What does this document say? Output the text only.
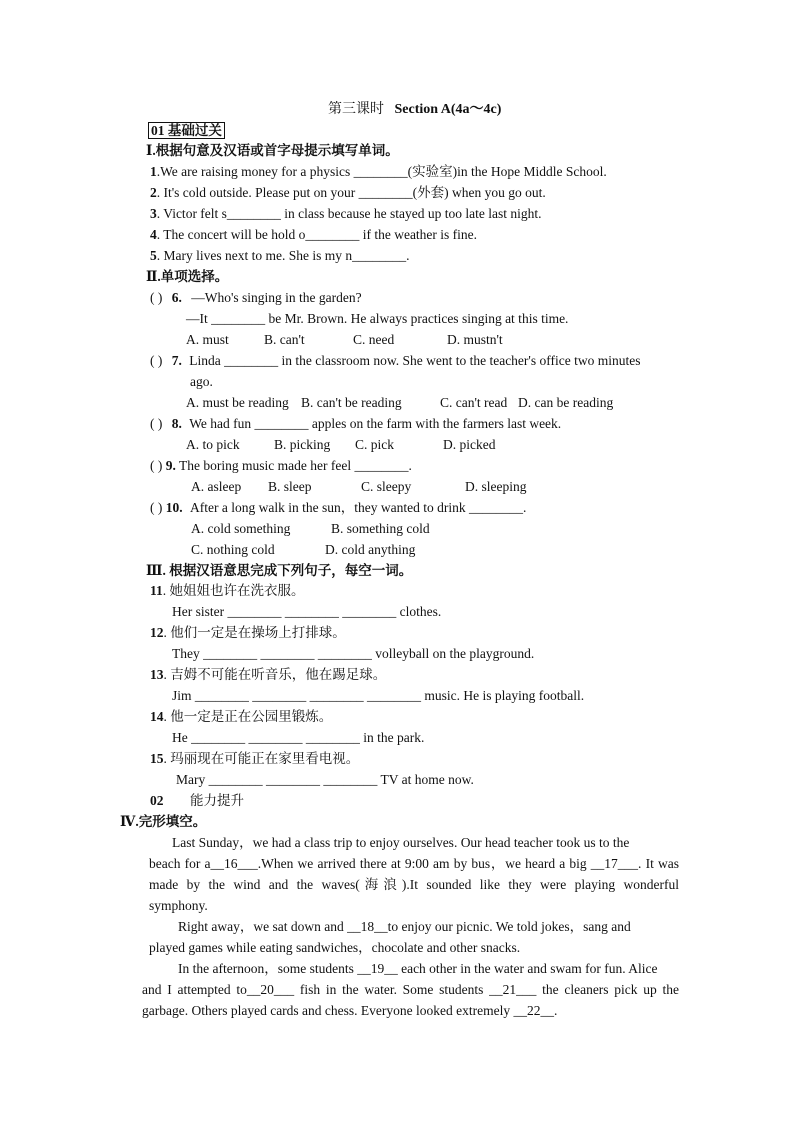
第三课时 Section A(4a～4c)
01 基础过关
Ⅰ.根据句意及汉语或首字母提示填写单词。
1.We are raising money for a physics ________(实验室)in the Hope Middle School.
2. It's cold outside. Please put on your ________(外套) when you go out.
3. Victor felt s________ in class because he stayed up too late last night.
4. The concert will be hold o________ if the weather is fine.
5. Mary lives next to me. She is my n________.
Ⅱ.单项选择。
( ) 6. —Who's singing in the garden?
—It ________ be Mr. Brown. He always practices singing at this time.
A. must	B. can't	C. need	D. mustn't
( ) 7. Linda ________ in the classroom now. She went to the teacher's office two minutes
ago.
A. must be reading B. can't be reading	C. can't read D. can be reading
( ) 8. We had fun ________ apples on the farm with the farmers last week.
A. to pick	B. picking C. pick	D. picked
( ) 9. The boring music made her feel ________.
A. asleep B. sleep	C. sleepy	D. sleeping
( ) 10. After a long walk in the sun，they wanted to drink ________.
A. cold something	B. something cold
C. nothing cold	D. cold anything
Ⅲ. 根据汉语意思完成下列句子，每空一词。
11. 她姐姐也许在洗衣服。
Her sister ________ ________ ________ clothes.
12. 他们一定是在操场上打排球。
They ________ ________ ________ volleyball on the playground.
13. 吉姆不可能在听音乐，他在踢足球。
Jim ________ ________ ________ ________ music. He is playing football.
14. 他一定是正在公园里锻炼。
He ________ ________ ________ in the park.
15. 玛丽现在可能正在家里看电视。
Mary ________ ________ ________ TV at home now.
02 能力提升
Ⅳ.完形填空。
Last Sunday，we had a class trip to enjoy ourselves. Our head teacher took us to the
beach for a__16___.When we arrived there at 9:00 am by bus，we heard a big __17___. It was
made by the wind and the waves(海浪).It sounded like they were playing wonderful
symphony.
Right away，we sat down and __18__to enjoy our picnic. We told jokes，sang and
played games while eating sandwiches，chocolate and other snacks.
In the afternoon，some students __19__ each other in the water and swam for fun. Alice
and I attempted to__20___ fish in the water. Some students __21___ the cleaners pick up the
garbage. Others played cards and chess. Everyone looked extremely __22__.
